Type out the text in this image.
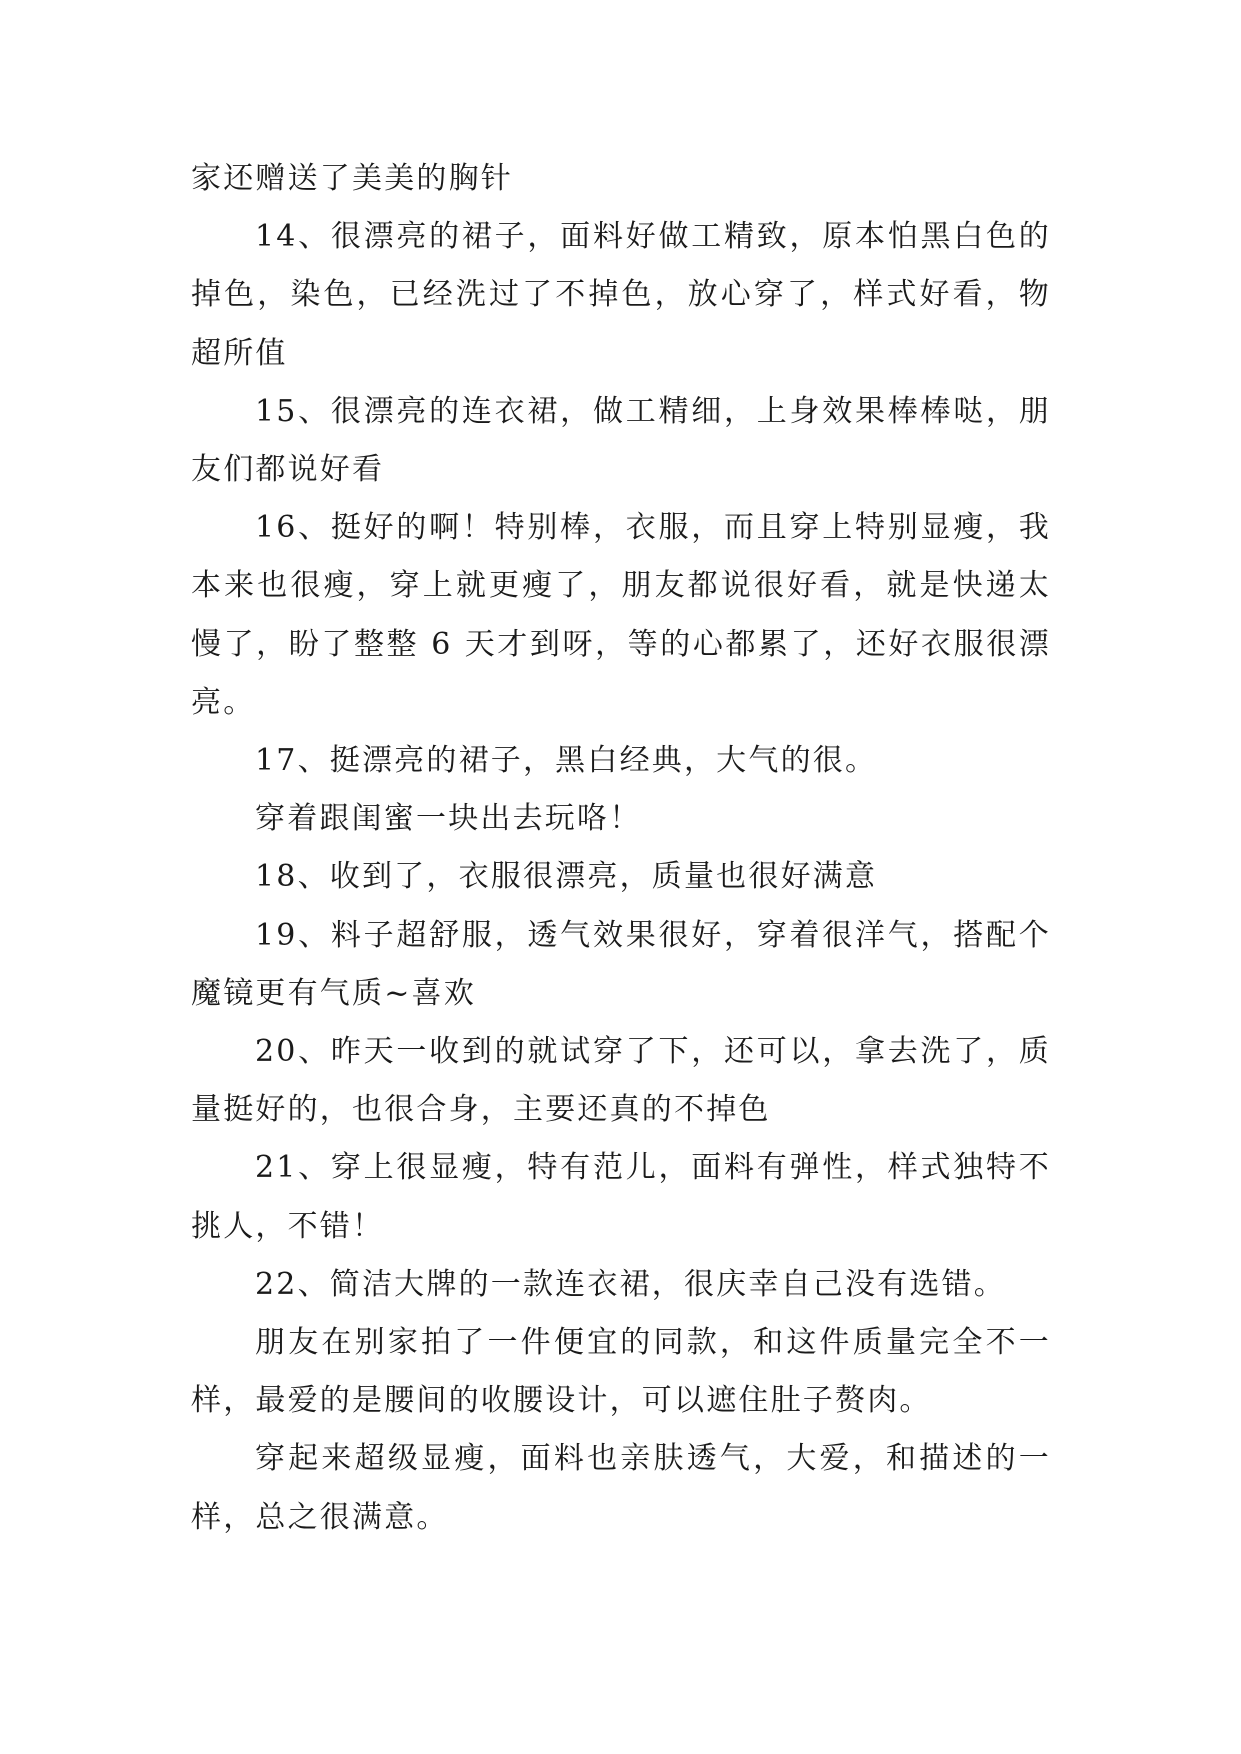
家还赠送了美美的胸针

14、很漂亮的裙子，面料好做工精致，原本怕黑白色的掉色，染色，已经洗过了不掉色，放心穿了，样式好看，物超所值

15、很漂亮的连衣裙，做工精细，上身效果棒棒哒，朋友们都说好看

16、挺好的啊！特别棒，衣服，而且穿上特别显瘦，我本来也很瘦，穿上就更瘦了，朋友都说很好看，就是快递太慢了，盼了整整 6 天才到呀，等的心都累了，还好衣服很漂亮。

17、挺漂亮的裙子，黑白经典，大气的很。

穿着跟闺蜜一块出去玩咯！

18、收到了，衣服很漂亮，质量也很好满意

19、料子超舒服，透气效果很好，穿着很洋气，搭配个魔镜更有气质~喜欢

20、昨天一收到的就试穿了下，还可以，拿去洗了，质量挺好的，也很合身，主要还真的不掉色

21、穿上很显瘦，特有范儿，面料有弹性，样式独特不挑人，不错！

22、简洁大牌的一款连衣裙，很庆幸自己没有选错。

朋友在别家拍了一件便宜的同款，和这件质量完全不一样，最爱的是腰间的收腰设计，可以遮住肚子赘肉。

穿起来超级显瘦，面料也亲肤透气，大爱，和描述的一样，总之很满意。
